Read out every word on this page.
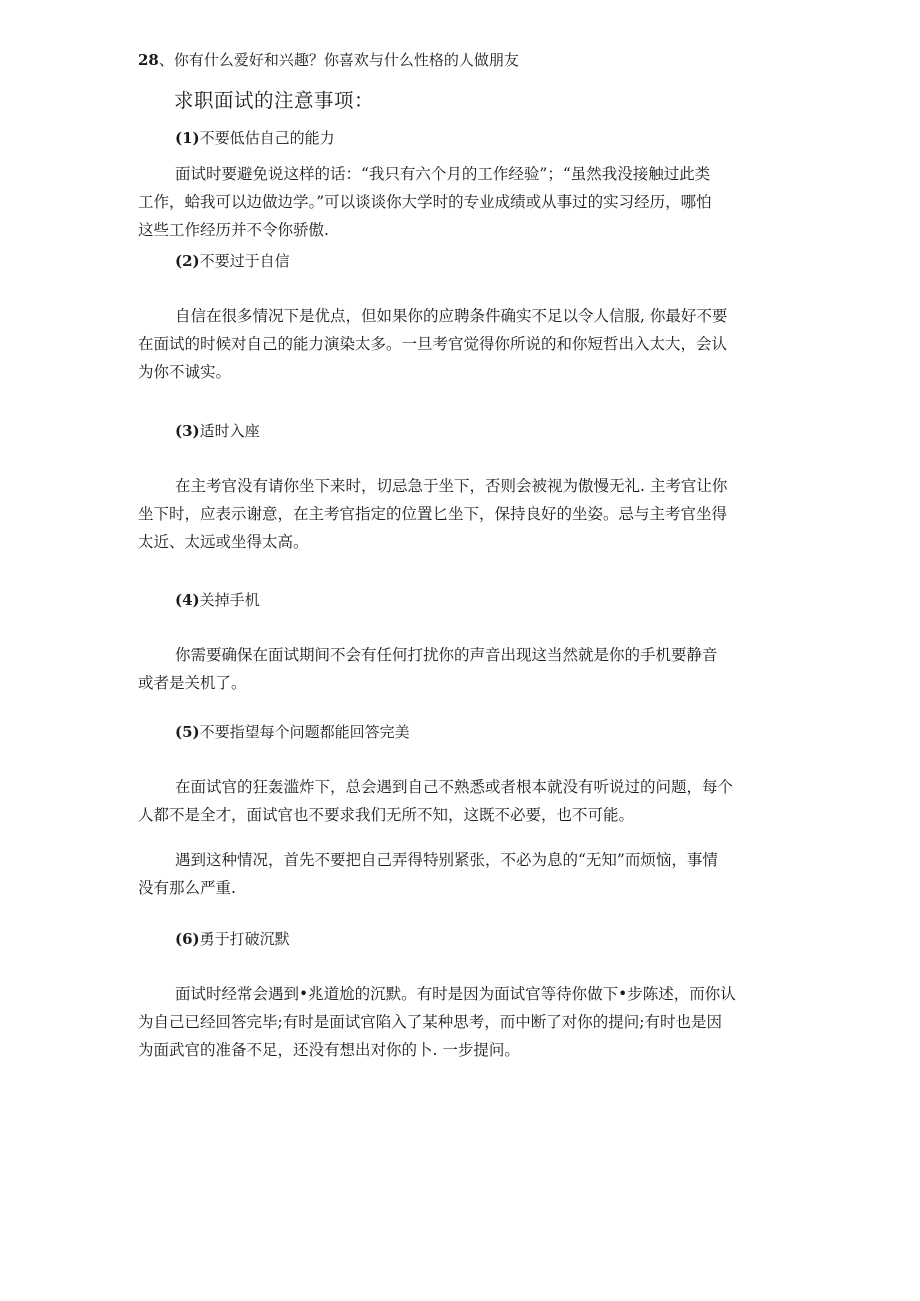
28、你有什么爱好和兴趣？你喜欢与什么性格的人做朋友

求职面试的注意事项：

(1)不要低估自己的能力

面试时要避免说这样的话：“我只有六个月的工作经验”；“虽然我没接触过此类
工作，蛤我可以边做边学。”可以谈谈你大学时的专业成绩或从事过的实习经历，哪怕
这些工作经历并不令你骄傲.

(2)不要过于自信

自信在很多情况下是优点，但如果你的应聘条件确实不足以令人信服, 你最好不要
在面试的时候对自己的能力演染太多。一旦考官觉得你所说的和你短哲出入太大，会认
为你不诚实。

(3)适时入座

在主考官没有请你坐下来时，切忌急于坐下，否则会被视为傲慢无礼. 主考官让你
坐下时，应表示谢意，在主考官指定的位置匕坐下，保持良好的坐姿。忌与主考官坐得
太近、太远或坐得太高。

(4)关掉手机

你需要确保在面试期间不会有任何打扰你的声音出现这当然就是你的手机要静音
或者是关机了。

(5)不要指望每个问题都能回答完美

在面试官的狂轰滥炸下，总会遇到自己不熟悉或者根本就没有听说过的问题，每个
人都不是全才，面试官也不要求我们无所不知，这既不必要，也不可能。

遇到这种情况，首先不要把自己弄得特别紧张，不必为息的“无知”而烦恼，事情
没有那么严重.

(6)勇于打破沉默

面试时经常会遇到•兆道尬的沉默。有时是因为面试官等待你做下•步陈述，而你认
为自己已经回答完毕;有时是面试官陷入了某种思考，而中断了对你的提问;有时也是因
为面武官的准备不足，还没有想出对你的卜. 一步提问。
